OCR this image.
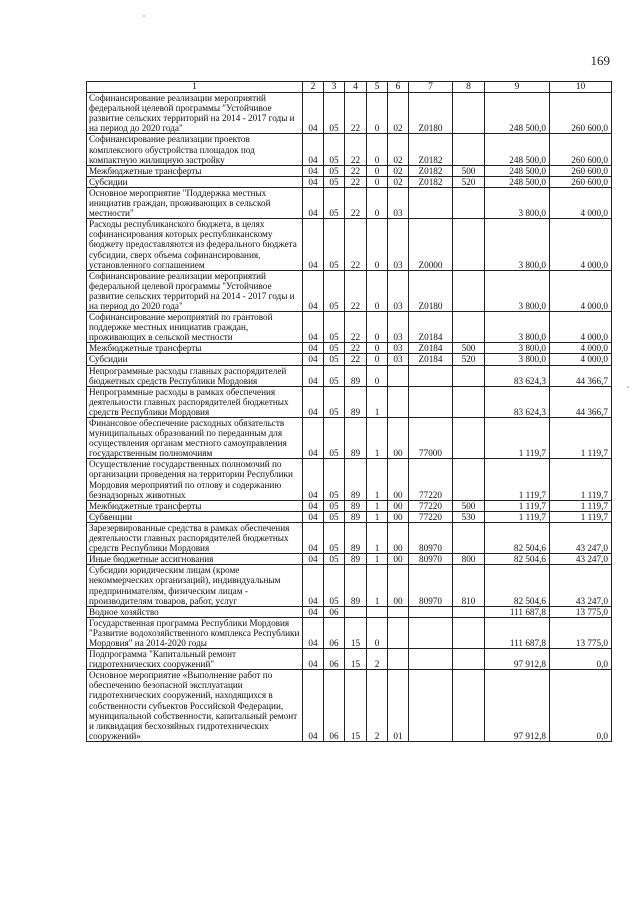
169
1	2	3	4	5	6	7	8	9	10
Софинансирование реализации мероприятий федеральной целевой программы "Устойчивое развитие сельских территорий на 2014 - 2017 годы и на период до 2020 года"	04	05	22	0	02	Z0180		248 500,0	260 600,0
Софинансирование реализации проектов комплексного обустройства площадок под компактную жилищную застройку	04	05	22	0	02	Z0182		248 500,0	260 600,0
Межбюджетные трансферты	04	05	22	0	02	Z0182	500	248 500,0	260 600,0
Субсидии	04	05	22	0	02	Z0182	520	248 500,0	260 600,0
Основное мероприятие "Поддержка местных инициатив граждан, проживающих в сельской местности"	04	05	22	0	03			3 800,0	4 000,0
Расходы республиканского бюджета, в целях софинансирования которых республиканскому бюджету предоставляются из федерального бюджета субсидии, сверх объема софинансирования, установленного соглашением	04	05	22	0	03	Z0000		3 800,0	4 000,0
Софинансирование реализации мероприятий федеральной целевой программы "Устойчивое развитие сельских территорий на 2014 - 2017 годы и на период до 2020 года"	04	05	22	0	03	Z0180		3 800,0	4 000,0
Софинансирование мероприятий по грантовой поддержке местных инициатив граждан, проживающих в сельской местности	04	05	22	0	03	Z0184		3 800,0	4 000,0
Межбюджетные трансферты	04	05	22	0	03	Z0184	500	3 800,0	4 000,0
Субсидии	04	05	22	0	03	Z0184	520	3 800,0	4 000,0
Непрограммные расходы главных распорядителей бюджетных средств Республики Мордовия	04	05	89	0				83 624,3	44 366,7
Непрограммные расходы в рамках обеспечения деятельности главных распорядителей бюджетных средств Республики Мордовия	04	05	89	1				83 624,3	44 366,7
Финансовое обеспечение расходных обязательств муниципальных образований по переданным для осуществления органам местного самоуправления государственным полномочиям	04	05	89	1	00	77000		1 119,7	1 119,7
Осуществление государственных полномочий по организации проведения на территории Республики Мордовия мероприятий по отлову и содержанию безнадзорных животных	04	05	89	1	00	77220		1 119,7	1 119,7
Межбюджетные трансферты	04	05	89	1	00	77220	500	1 119,7	1 119,7
Субвенции	04	05	89	1	00	77220	530	1 119,7	1 119,7
Зарезервированные средства в рамках обеспечения деятельности главных распорядителей бюджетных средств Республики Мордовия	04	05	89	1	00	80970		82 504,6	43 247,0
Иные бюджетные ассигнования	04	05	89	1	00	80970	800	82 504,6	43 247,0
Субсидии юридическим лицам (кроме некоммерческих организаций), индивидуальным предпринимателям, физическим лицам - производителям товаров, работ, услуг	04	05	89	1	00	80970	810	82 504,6	43 247,0
Водное хозяйство	04	06						111 687,8	13 775,0
Государственная программа Республики Мордовия "Развитие водохозяйственного комплекса Республики Мордовия" на 2014-2020 годы	04	06	15	0				111 687,8	13 775,0
Подпрограмма "Капитальный ремонт гидротехнических сооружений"	04	06	15	2				97 912,8	0,0
Основное мероприятие «Выполнение работ по обеспечению безопасной эксплуатации гидротехнических сооружений, находящихся в собственности субъектов Российской Федерации, муниципальной собственности, капитальный ремонт и ликвидация бесхозяйных гидротехнических сооружений»	04	06	15	2	01			97 912,8	0,0
